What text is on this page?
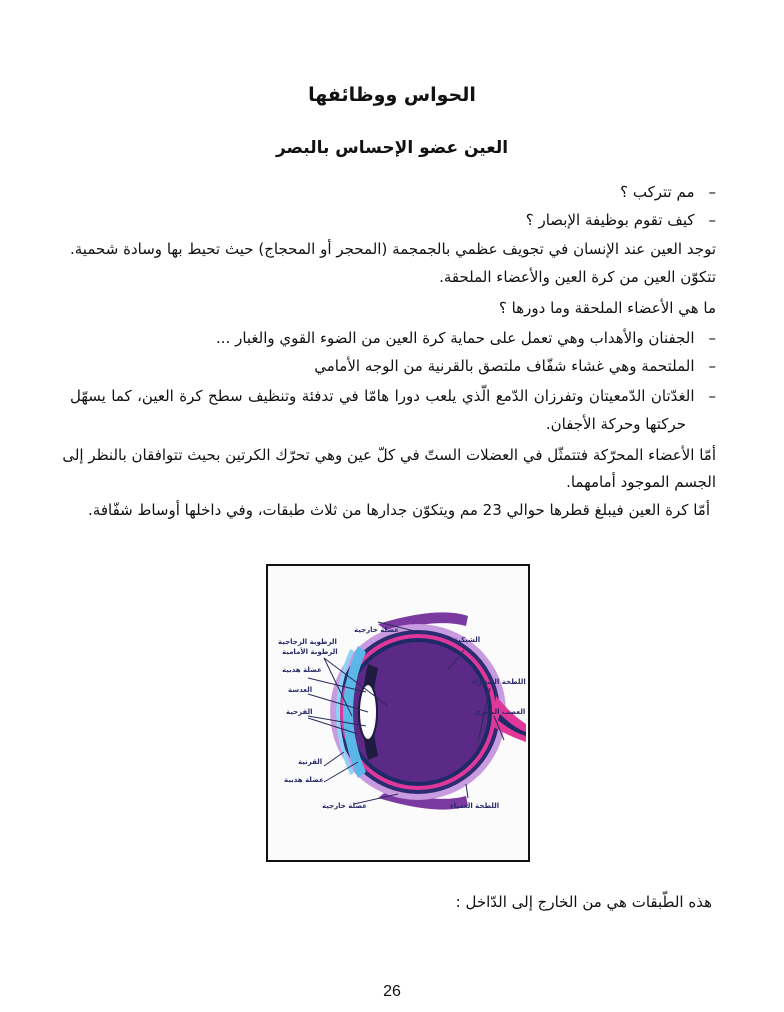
الحواس ووظائفها
العين عضو الإحساس بالبصر
–مم تتركب ؟
–كيف تقوم بوظيفة الإبصار ؟
توجد العين عند الإنسان في تجويف عظمي بالجمجمة (المحجر أو المحجاج) حيث تحيط بها وسادة شحمية.
تتكوّن العين من كرة العين والأعضاء الملحقة.
ما هي الأعضاء الملحقة وما دورها ؟
–الجفنان والأهداب وهي تعمل على حماية كرة العين من الضوء القوي والغبار ...
–الملتحمة وهي غشاء شفّاف ملتصق بالقرنية من الوجه الأمامي
–الغدّتان الدّمعيتان وتفرزان الدّمع الّذي يلعب دورا هامّا في تدفئة وتنظيف سطح كرة العين، كما يسهّل
حركتها وحركة الأجفان.
أمّا الأعضاء المحرّكة فتتمثّل في العضلات الستّ في كلّ عين وهي تحرّك الكرتين بحيث تتوافقان بالنظر إلى
الجسم الموجود أمامهما.
أمّا كرة العين فيبلغ قطرها حوالي 23 مم ويتكوّن جدارها من ثلاث طبقات، وفي داخلها أوساط شفّافة.
عضلة خارجية
الشبكية
الرطوبة الزجاجية
الرطوبة الأمامية
عضلة هدبية
العدسة
القزحية
اللطخة الصفراء
العصب البصري
القرنية
عضلة هدبية
عضلة خارجية	اللطخة العمياء
هذه الطّبقات هي من الخارج إلى الدّاخل :
26
